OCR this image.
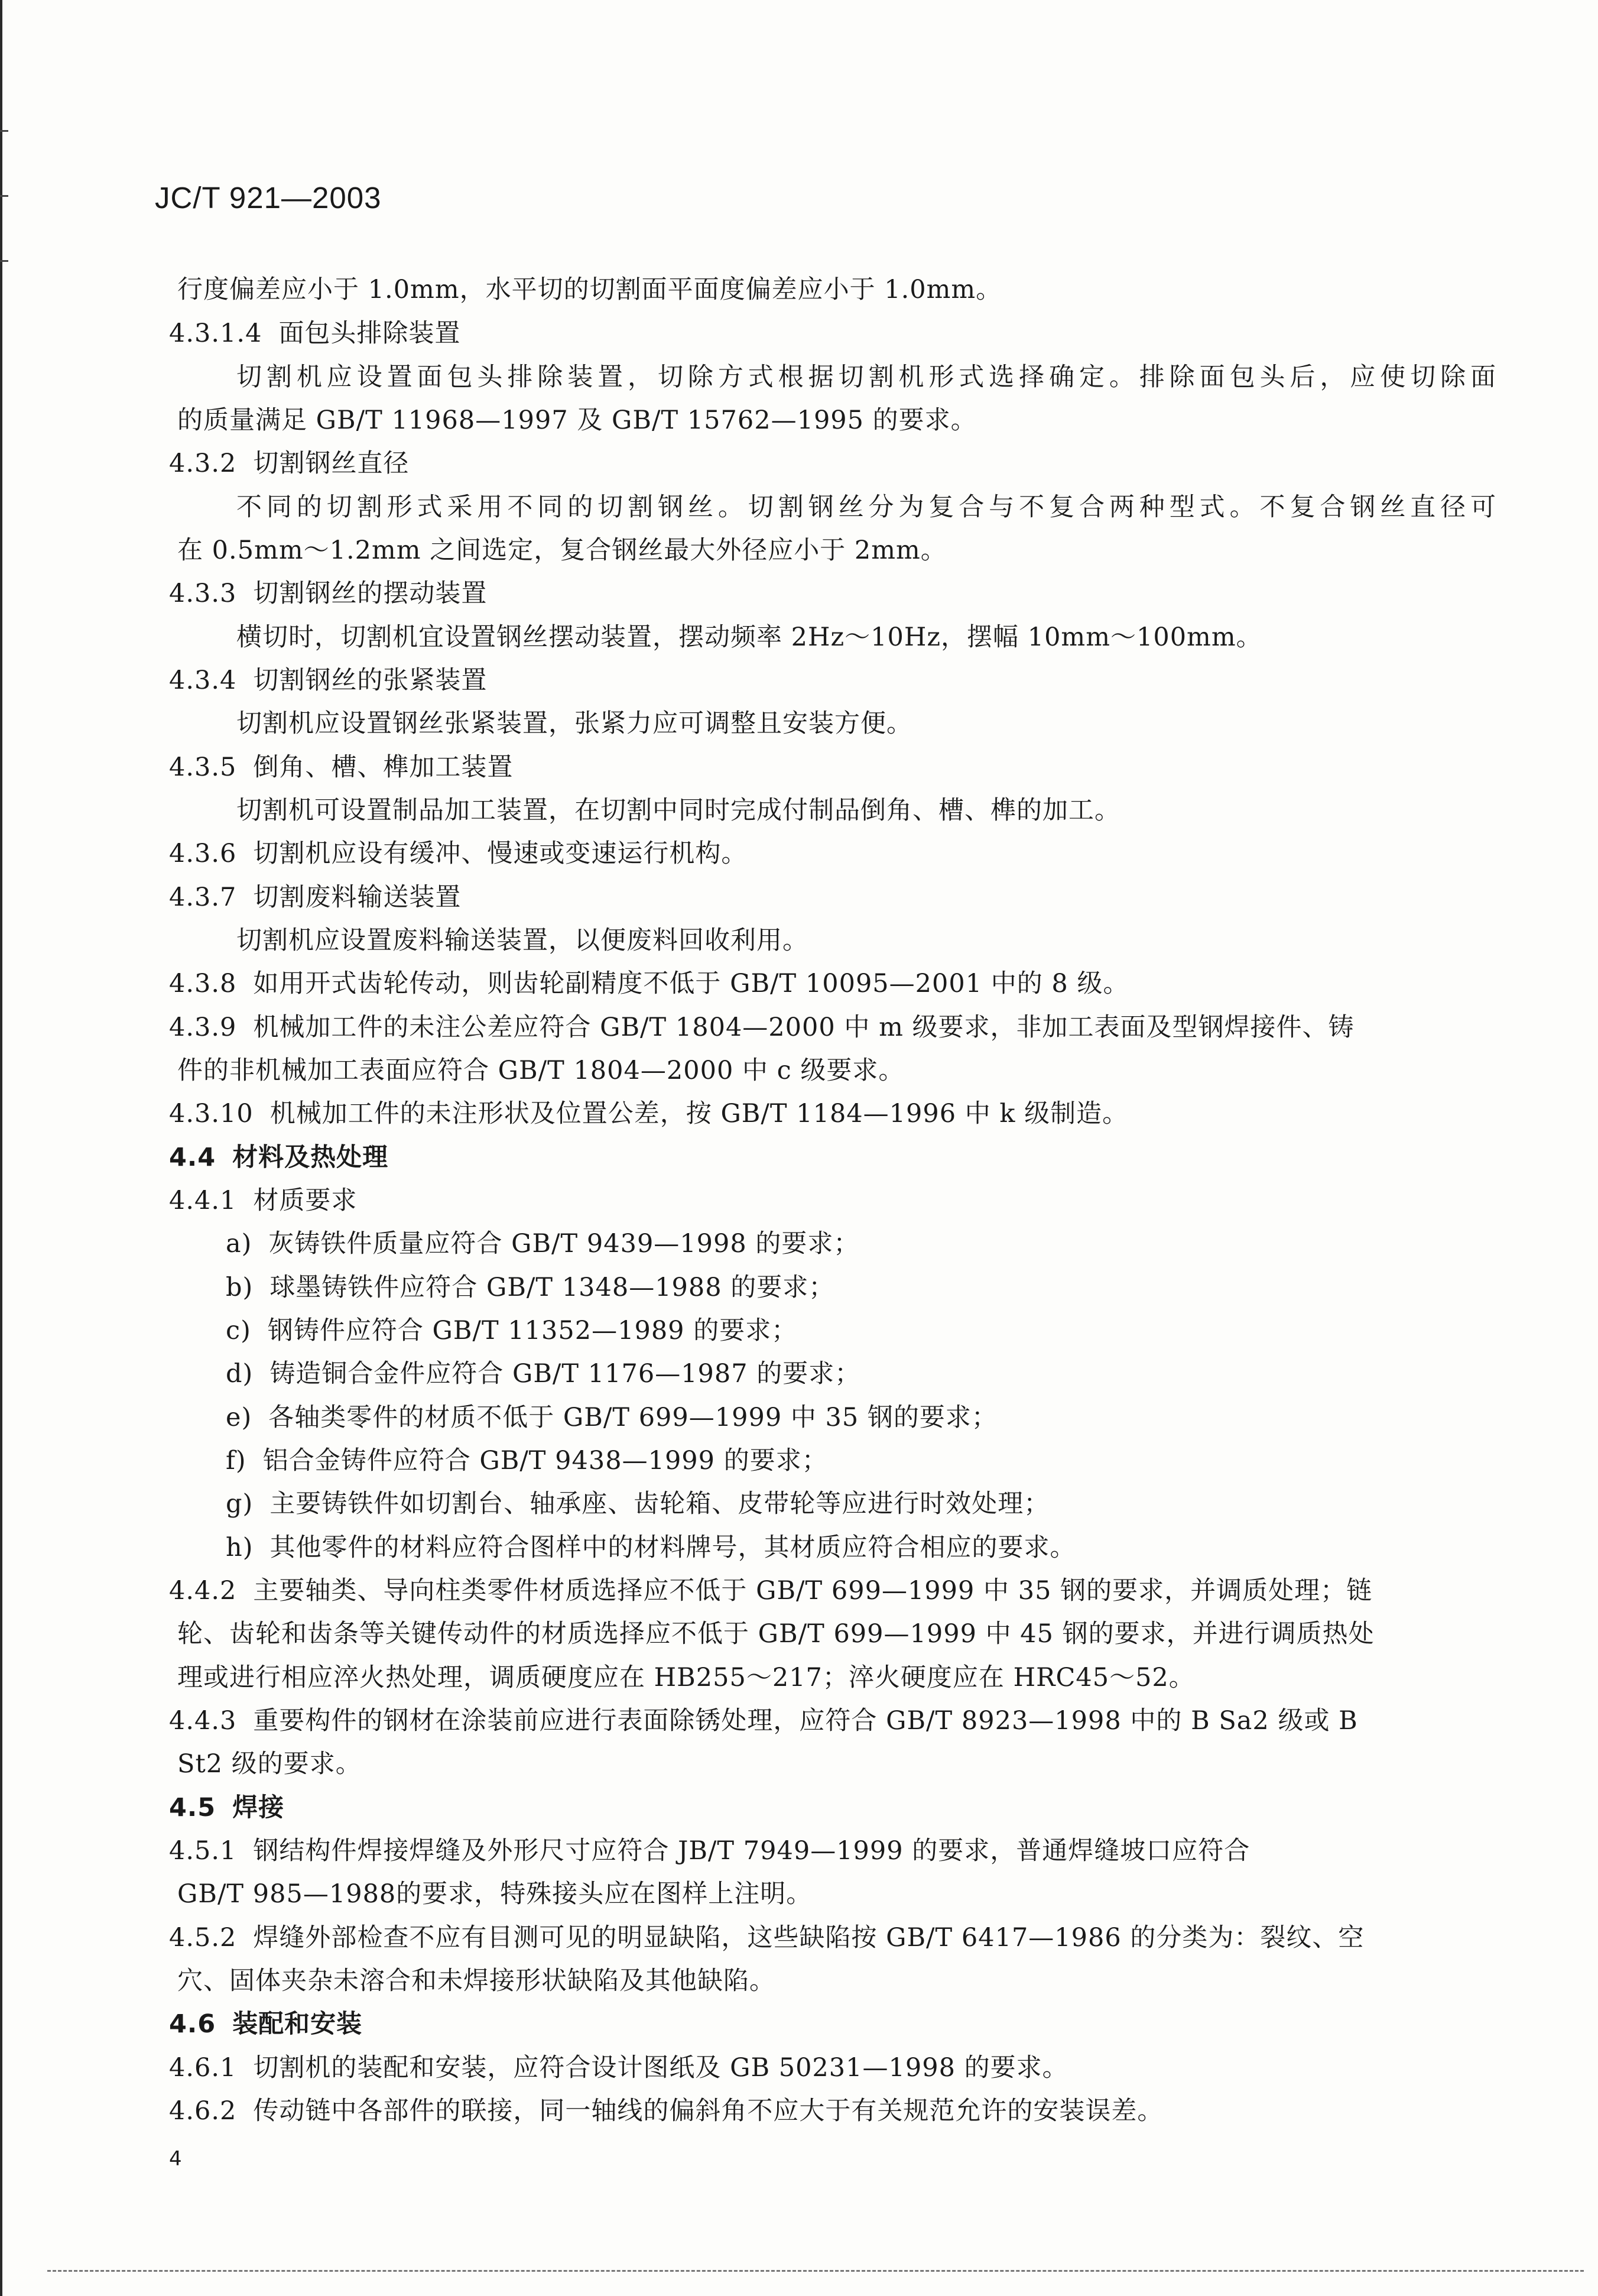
JC/T 921—2003
行度偏差应小于 1.0mm，水平切的切割面平面度偏差应小于 1.0mm。
4.3.1.4 面包头排除装置
切割机应设置面包头排除装置，切除方式根据切割机形式选择确定。排除面包头后，应使切除面
的质量满足 GB/T 11968—1997 及 GB/T 15762—1995 的要求。
4.3.2 切割钢丝直径
不同的切割形式采用不同的切割钢丝。切割钢丝分为复合与不复合两种型式。不复合钢丝直径可
在 0.5mm～1.2mm 之间选定，复合钢丝最大外径应小于 2mm。
4.3.3 切割钢丝的摆动装置
横切时，切割机宜设置钢丝摆动装置，摆动频率 2Hz～10Hz，摆幅 10mm～100mm。
4.3.4 切割钢丝的张紧装置
切割机应设置钢丝张紧装置，张紧力应可调整且安装方便。
4.3.5 倒角、槽、榫加工装置
切割机可设置制品加工装置，在切割中同时完成付制品倒角、槽、榫的加工。
4.3.6 切割机应设有缓冲、慢速或变速运行机构。
4.3.7 切割废料输送装置
切割机应设置废料输送装置，以便废料回收利用。
4.3.8 如用开式齿轮传动，则齿轮副精度不低于 GB/T 10095—2001 中的 8 级。
4.3.9 机械加工件的未注公差应符合 GB/T 1804—2000 中 m 级要求，非加工表面及型钢焊接件、铸
件的非机械加工表面应符合 GB/T 1804—2000 中 c 级要求。
4.3.10 机械加工件的未注形状及位置公差，按 GB/T 1184—1996 中 k 级制造。
4.4 材料及热处理
4.4.1 材质要求
a) 灰铸铁件质量应符合 GB/T 9439—1998 的要求；
b) 球墨铸铁件应符合 GB/T 1348—1988 的要求；
c) 钢铸件应符合 GB/T 11352—1989 的要求；
d) 铸造铜合金件应符合 GB/T 1176—1987 的要求；
e) 各轴类零件的材质不低于 GB/T 699—1999 中 35 钢的要求；
f) 铝合金铸件应符合 GB/T 9438—1999 的要求；
g) 主要铸铁件如切割台、轴承座、齿轮箱、皮带轮等应进行时效处理；
h) 其他零件的材料应符合图样中的材料牌号，其材质应符合相应的要求。
4.4.2 主要轴类、导向柱类零件材质选择应不低于 GB/T 699—1999 中 35 钢的要求，并调质处理；链
轮、齿轮和齿条等关键传动件的材质选择应不低于 GB/T 699—1999 中 45 钢的要求，并进行调质热处
理或进行相应淬火热处理，调质硬度应在 HB255～217；淬火硬度应在 HRC45～52。
4.4.3 重要构件的钢材在涂装前应进行表面除锈处理，应符合 GB/T 8923—1998 中的 B Sa2 级或 B
St2 级的要求。
4.5 焊接
4.5.1 钢结构件焊接焊缝及外形尺寸应符合 JB/T 7949—1999 的要求，普通焊缝坡口应符合
GB/T 985—1988的要求，特殊接头应在图样上注明。
4.5.2 焊缝外部检查不应有目测可见的明显缺陷，这些缺陷按 GB/T 6417—1986 的分类为：裂纹、空
穴、固体夹杂未溶合和未焊接形状缺陷及其他缺陷。
4.6 装配和安装
4.6.1 切割机的装配和安装，应符合设计图纸及 GB 50231—1998 的要求。
4.6.2 传动链中各部件的联接，同一轴线的偏斜角不应大于有关规范允许的安装误差。
4
